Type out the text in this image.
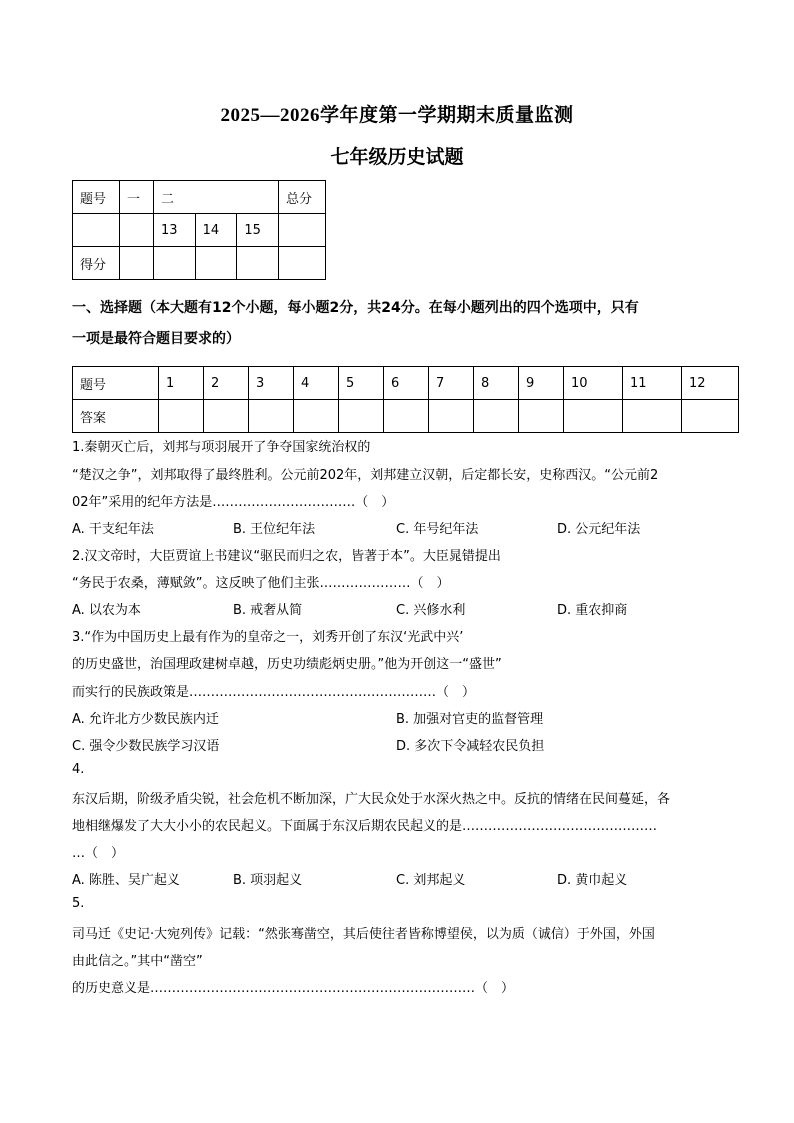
2025—2026学年度第一学期期末质量监测
七年级历史试题
题号	一	二			总分
		13	14	15	
得分					
一、选择题（本大题有12个小题，每小题2分，共24分。在每小题列出的四个选项中，只有
一项是最符合题目要求的）
题号	1	2	3	4	5	6	7	8	9	10	11	12
答案												
1.秦朝灭亡后，刘邦与项羽展开了争夺国家统治权的
“楚汉之争”，刘邦取得了最终胜利。公元前202年，刘邦建立汉朝，后定都长安，史称西汉。“公元前2
02年”采用的纪年方法是……………………………（　）
A. 干支纪年法	B. 王位纪年法	C. 年号纪年法	D. 公元纪年法
2.汉文帝时，大臣贾谊上书建议“驱民而归之农，皆著于本”。大臣晁错提出
“务民于农桑，薄赋敛”。这反映了他们主张…………………（　）
A. 以农为本	B. 戒奢从简	C. 兴修水利	D. 重农抑商
3.“作为中国历史上最有作为的皇帝之一，刘秀开创了东汉‘光武中兴’
的历史盛世，治国理政建树卓越，历史功绩彪炳史册。”他为开创这一“盛世”
而实行的民族政策是…………………………………………………（　）
A. 允许北方少数民族内迁	B. 加强对官吏的监督管理
C. 强令少数民族学习汉语	D. 多次下令减轻农民负担
4.
东汉后期，阶级矛盾尖锐，社会危机不断加深，广大民众处于水深火热之中。反抗的情绪在民间蔓延，各
地相继爆发了大大小小的农民起义。下面属于东汉后期农民起义的是………………………………………
…（　）
A. 陈胜、吴广起义	B. 项羽起义	C. 刘邦起义	D. 黄巾起义
5.
司马迁《史记·大宛列传》记载：“然张骞凿空，其后使往者皆称博望侯，以为质（诚信）于外国，外国
由此信之。”其中“凿空”
的历史意义是…………………………………………………………………（　）
